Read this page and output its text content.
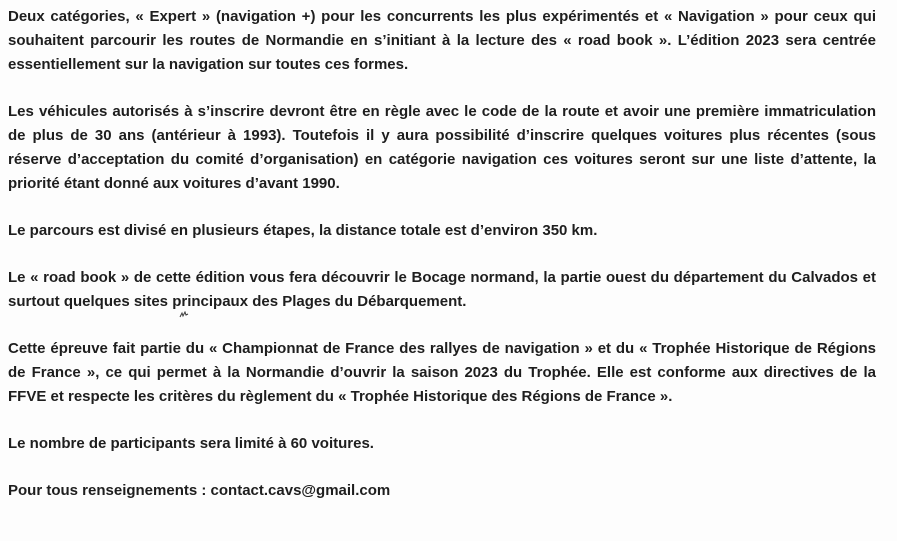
Deux catégories, « Expert » (navigation +) pour les concurrents les plus expérimentés et « Navigation » pour ceux qui souhaitent parcourir les routes de Normandie en s’initiant à la lecture des « road book ». L’édition 2023 sera centrée essentiellement sur la navigation sur toutes ces formes.

Les véhicules autorisés à s’inscrire devront être en règle avec le code de la route et avoir une première immatriculation de plus de 30 ans (antérieur à 1993). Toutefois il y aura possibilité d’inscrire quelques voitures plus récentes (sous réserve d’acceptation du comité d’organisation) en catégorie navigation ces voitures seront sur une liste d’attente, la priorité étant donné aux voitures d’avant 1990.

Le parcours est divisé en plusieurs étapes, la distance totale est d’environ 350 km.

Le « road book » de cette édition vous fera découvrir le Bocage normand, la partie ouest du département du Calvados et surtout quelques sites principaux des Plages du Débarquement.

Cette épreuve fait partie du « Championnat de France des rallyes de navigation » et du « Trophée Historique de Régions de France », ce qui permet à la Normandie d’ouvrir la saison 2023 du Trophée. Elle est conforme aux directives de la FFVE et respecte les critères du règlement du « Trophée Historique des Régions de France ».

Le nombre de participants sera limité à 60 voitures.

Pour tous renseignements : contact.cavs@gmail.com
